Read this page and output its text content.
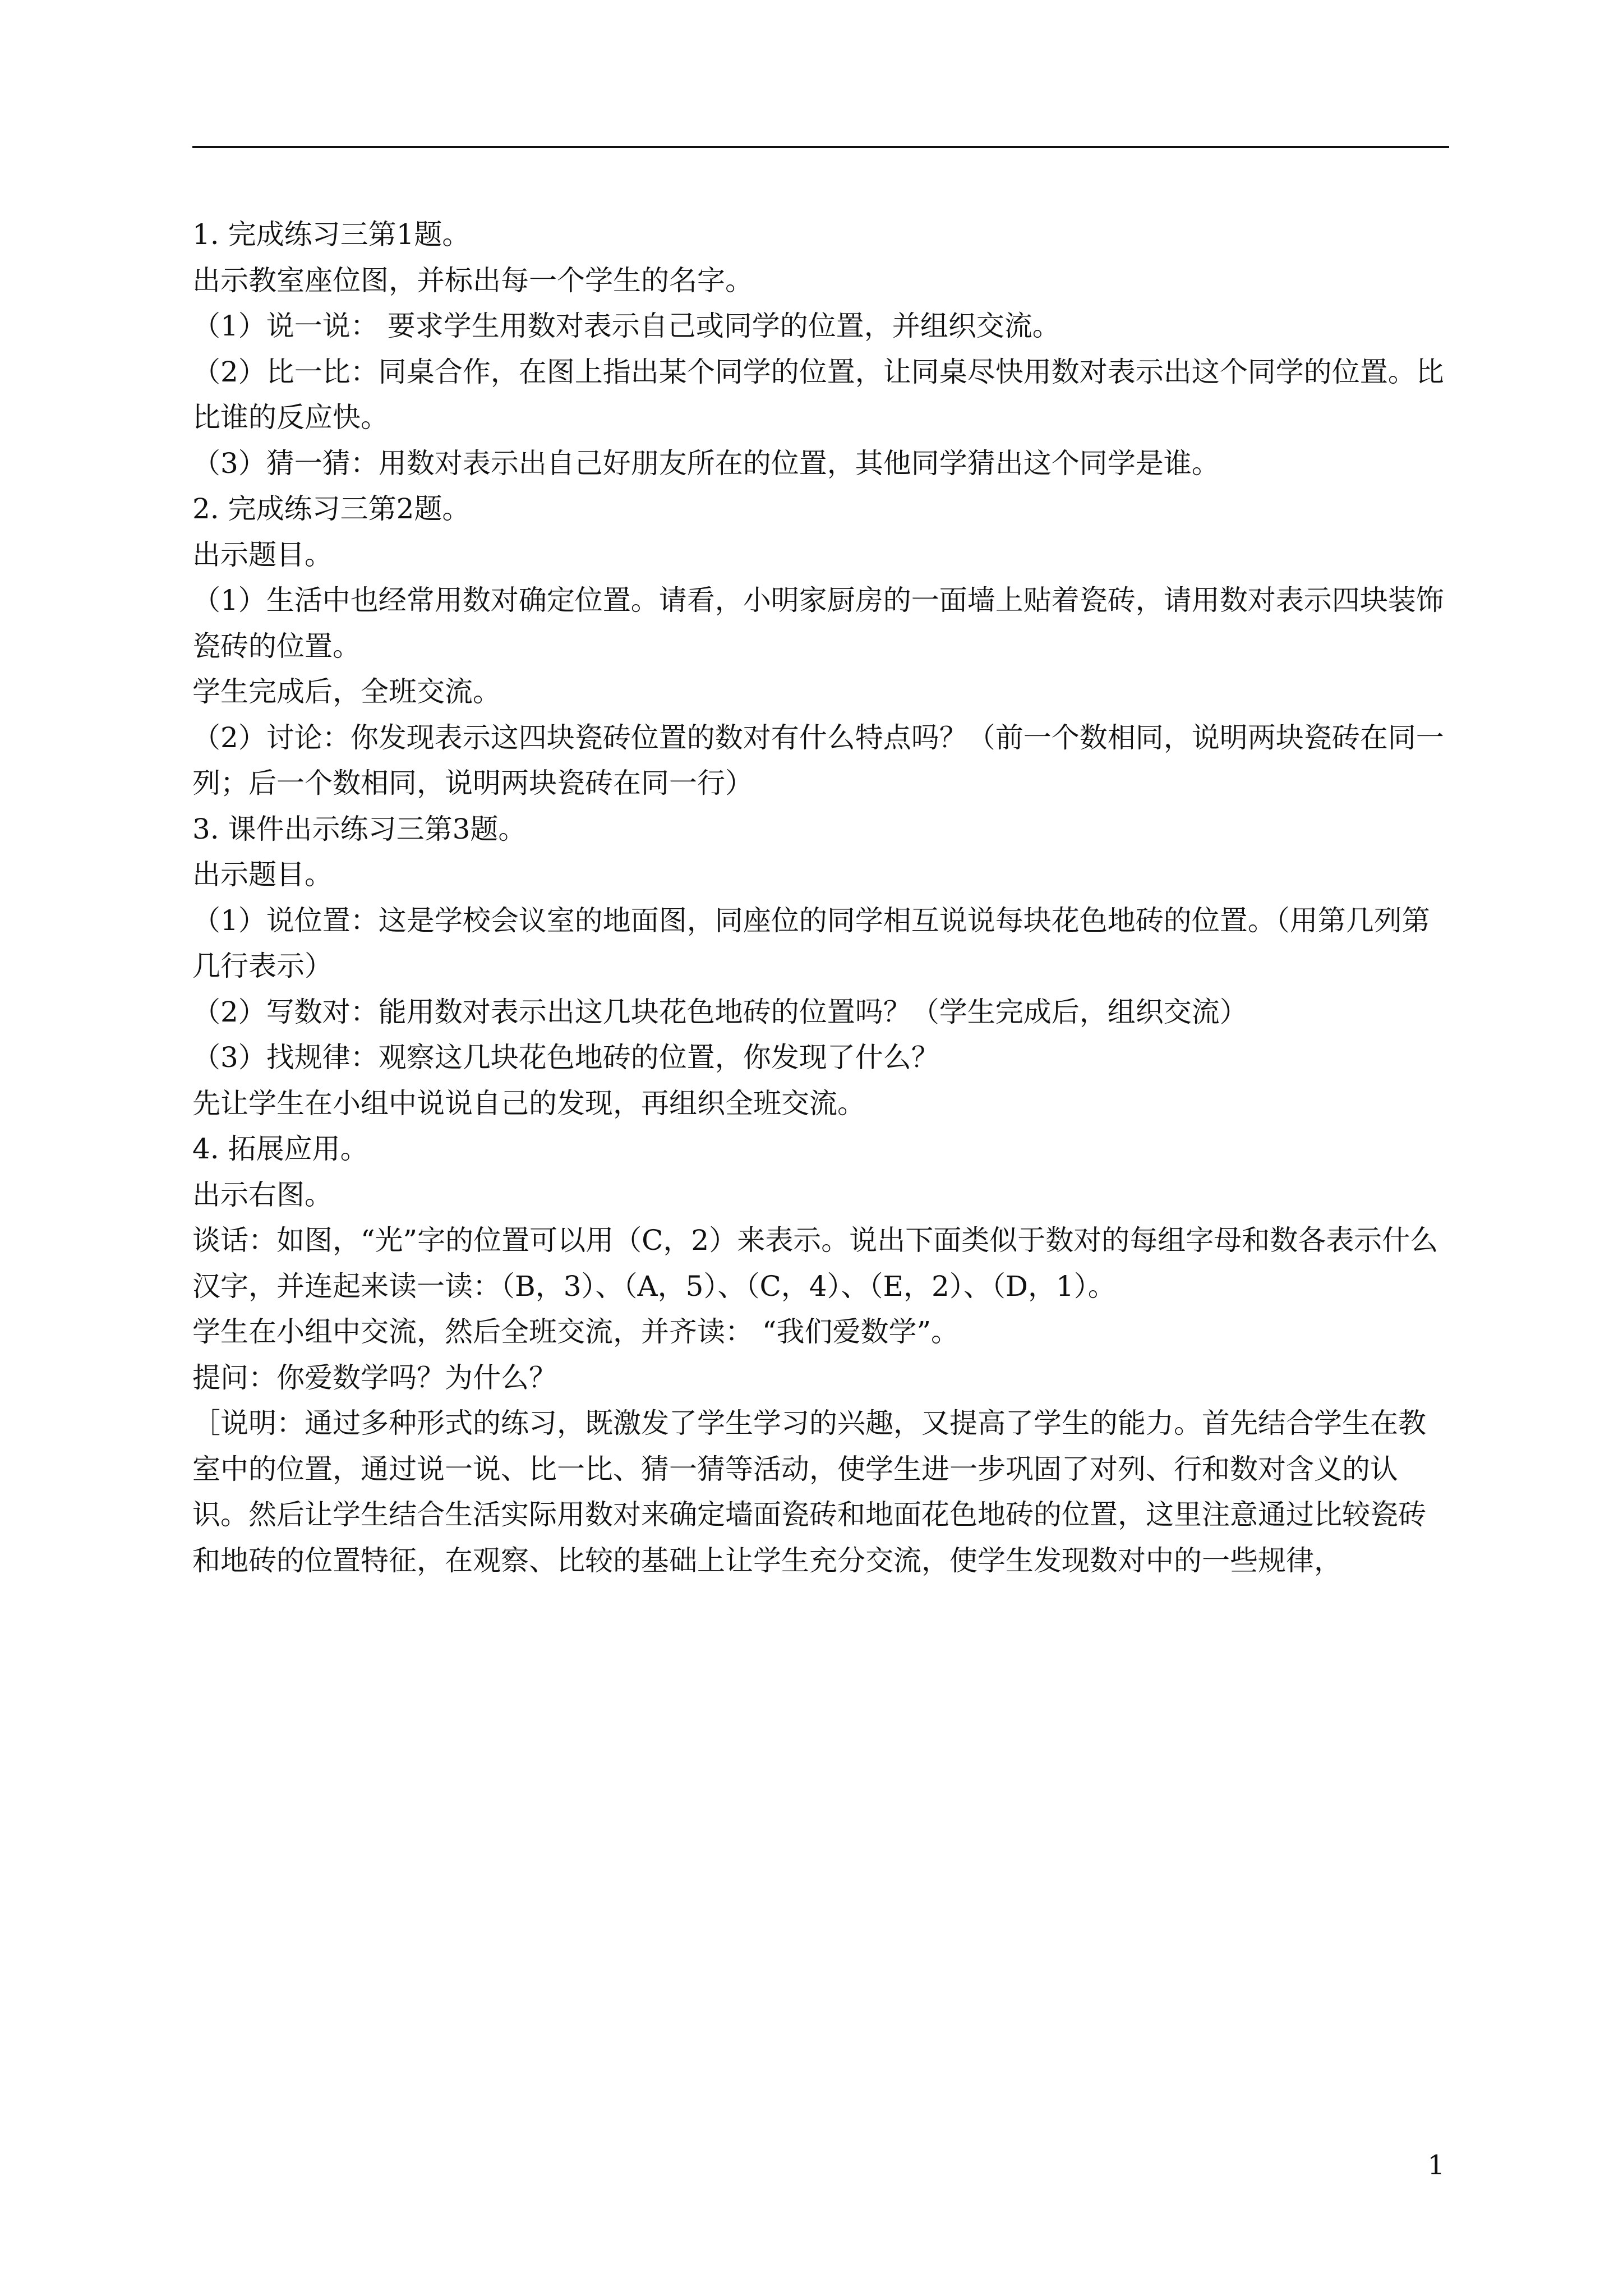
1. 完成练习三第1题。

出示教室座位图，并标出每一个学生的名字。

（1）说一说： 要求学生用数对表示自己或同学的位置，并组织交流。

（2）比一比：同桌合作，在图上指出某个同学的位置，让同桌尽快用数对表示出这个同学的位置。比比谁的反应快。

（3）猜一猜：用数对表示出自己好朋友所在的位置，其他同学猜出这个同学是谁。

2. 完成练习三第2题。

出示题目。

（1）生活中也经常用数对确定位置。请看，小明家厨房的一面墙上贴着瓷砖，请用数对表示四块装饰瓷砖的位置。

学生完成后，全班交流。

（2）讨论：你发现表示这四块瓷砖位置的数对有什么特点吗？（前一个数相同，说明两块瓷砖在同一列；后一个数相同，说明两块瓷砖在同一行）

3. 课件出示练习三第3题。

出示题目。

（1）说位置：这是学校会议室的地面图，同座位的同学相互说说每块花色地砖的位置。（用第几列第几行表示）

（2）写数对：能用数对表示出这几块花色地砖的位置吗？（学生完成后，组织交流）

（3）找规律：观察这几块花色地砖的位置，你发现了什么？

先让学生在小组中说说自己的发现，再组织全班交流。

4. 拓展应用。

出示右图。

谈话：如图，“光”字的位置可以用（C，2）来表示。说出下面类似于数对的每组字母和数各表示什么汉字，并连起来读一读：（B，3）、（A，5）、（C，4）、（E，2）、（D，1）。

学生在小组中交流，然后全班交流，并齐读： “我们爱数学”。

提问：你爱数学吗？为什么？

［说明：通过多种形式的练习，既激发了学生学习的兴趣，又提高了学生的能力。首先结合学生在教室中的位置，通过说一说、比一比、猜一猜等活动，使学生进一步巩固了对列、行和数对含义的认识。然后让学生结合生活实际用数对来确定墙面瓷砖和地面花色地砖的位置，这里注意通过比较瓷砖和地砖的位置特征，在观察、比较的基础上让学生充分交流，使学生发现数对中的一些规律，

1
